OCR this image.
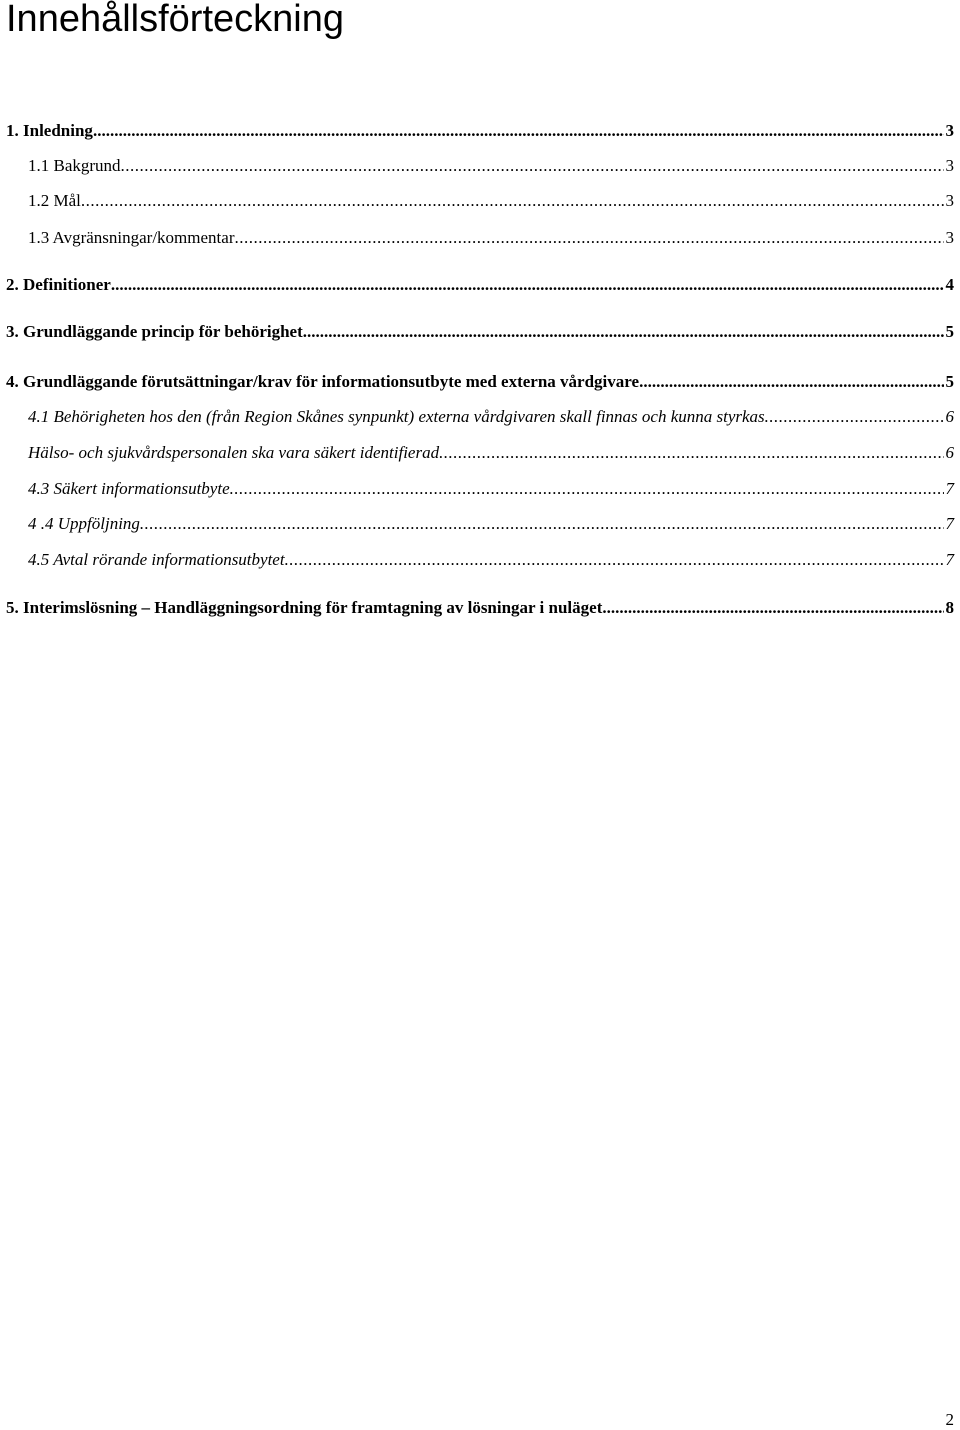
Innehållsförteckning
1. Inledning .....	3
1.1 Bakgrund .....	3
1.2 Mål .....	3
1.3 Avgränsningar/kommentar .....	3
2. Definitioner .....	4
3. Grundläggande princip för behörighet .....	5
4. Grundläggande förutsättningar/krav för informationsutbyte med externa vårdgivare .....	5
4.1 Behörigheten hos den (från Region Skånes synpunkt) externa vårdgivaren skall finnas och kunna styrkas .....	6
Hälso- och sjukvårdspersonalen ska vara säkert identifierad .....	6
4.3 Säkert informationsutbyte .....	7
4 .4 Uppföljning .....	7
4.5 Avtal rörande informationsutbytet .....	7
5. Interimslösning – Handläggningsordning för framtagning av lösningar i nuläget .....	8
2
